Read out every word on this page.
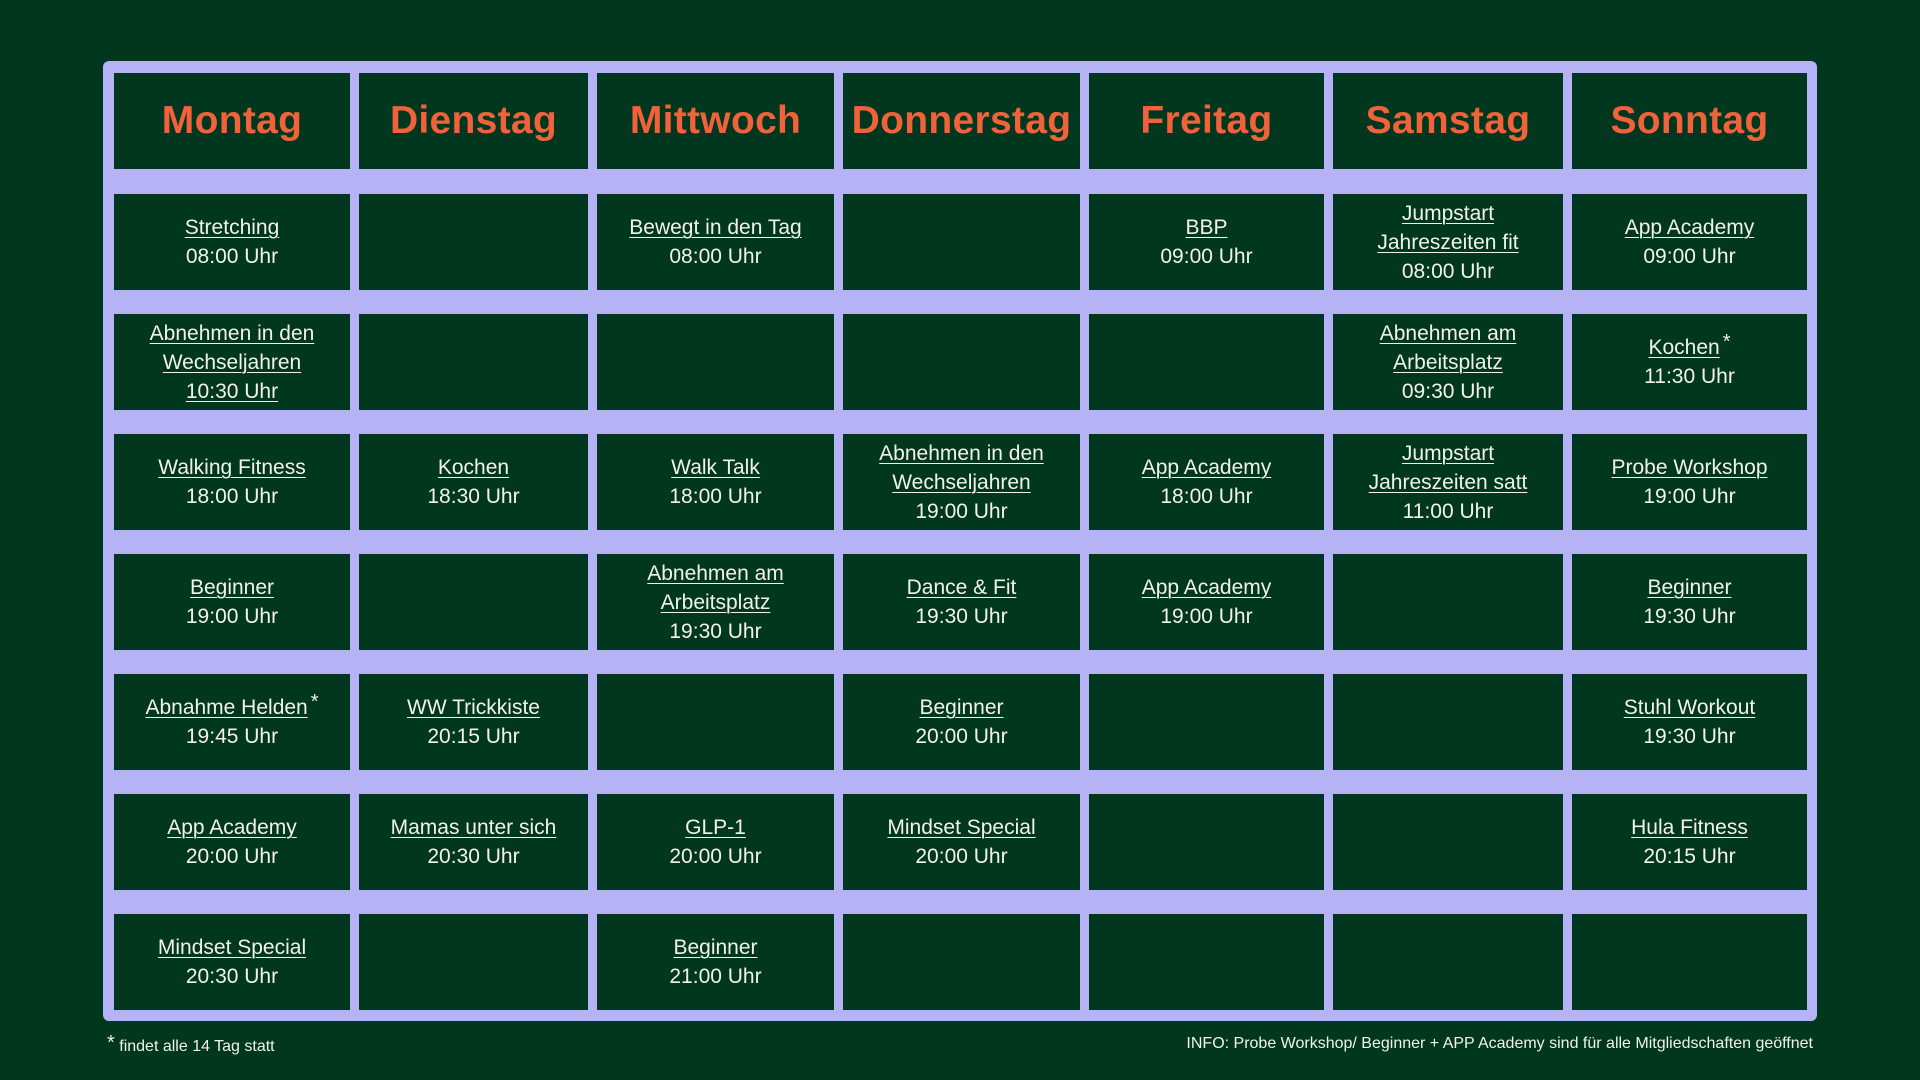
Montag Dienstag Mittwoch Donnerstag Freitag Samstag Sonntag
Stretching
08:00 Uhr
Bewegt in den Tag
08:00 Uhr
BBP
09:00 Uhr
Jumpstart
Jahreszeiten fit
08:00 Uhr
App Academy
09:00 Uhr
Abnehmen in den
Wechseljahren
10:30 Uhr
Abnehmen am
Arbeitsplatz
09:30 Uhr
Kochen *
11:30 Uhr
Walking Fitness
18:00 Uhr
Kochen
18:30 Uhr
Walk Talk
18:00 Uhr
Abnehmen in den
Wechseljahren
19:00 Uhr
App Academy
18:00 Uhr
Jumpstart
Jahreszeiten satt
11:00 Uhr
Probe Workshop
19:00 Uhr
Beginner
19:00 Uhr
Abnehmen am
Arbeitsplatz
19:30 Uhr
Dance & Fit
19:30 Uhr
App Academy
19:00 Uhr
Beginner
19:30 Uhr
Abnahme Helden *
19:45 Uhr
WW Trickkiste
20:15 Uhr
Beginner
20:00 Uhr
Stuhl Workout
19:30 Uhr
App Academy
20:00 Uhr
Mamas unter sich
20:30 Uhr
GLP-1
20:00 Uhr
Mindset Special
20:00 Uhr
Hula Fitness
20:15 Uhr
Mindset Special
20:30 Uhr
Beginner
21:00 Uhr
* findet alle 14 Tag statt	INFO: Probe Workshop/ Beginner + APP Academy sind für alle Mitgliedschaften geöffnet
